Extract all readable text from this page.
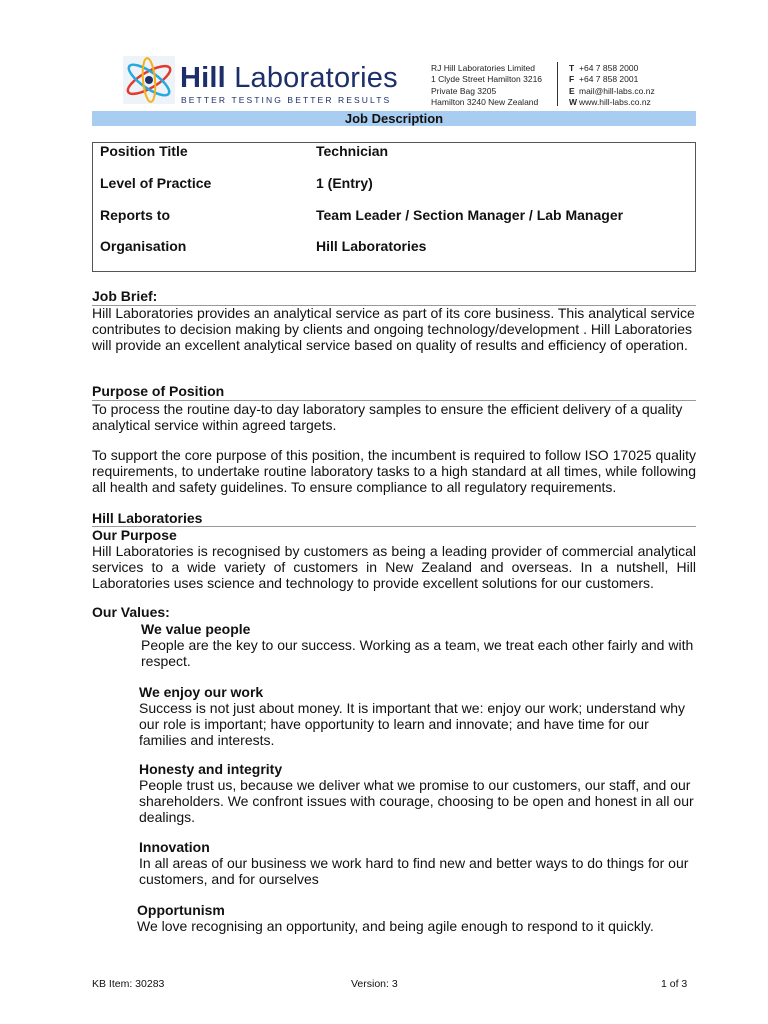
Hill Laboratories
BETTER TESTING BETTER RESULTS
RJ Hill Laboratories Limited
1 Clyde Street Hamilton 3216
Private Bag 3205
Hamilton 3240 New Zealand
T +64 7 858 2000
F +64 7 858 2001
E mail@hill-labs.co.nz
W www.hill-labs.co.nz
Job Description
Position Title	Technician
Level of Practice	1 (Entry)
Reports to	Team Leader / Section Manager / Lab Manager
Organisation	Hill Laboratories
Job Brief:
Hill Laboratories provides an analytical service as part of its core business. This analytical service contributes to decision making by clients and ongoing technology/development . Hill Laboratories will provide an excellent analytical service based on quality of results and efficiency of operation.
Purpose of Position
To process the routine day-to day laboratory samples to ensure the efficient delivery of a quality analytical service within agreed targets.
To support the core purpose of this position, the incumbent is required to follow ISO 17025 quality requirements, to undertake routine laboratory tasks to a high standard at all times, while following all health and safety guidelines. To ensure compliance to all regulatory requirements.
Hill Laboratories
Our Purpose
Hill Laboratories is recognised by customers as being a leading provider of commercial analytical services to a wide variety of customers in New Zealand and overseas. In a nutshell, Hill Laboratories uses science and technology to provide excellent solutions for our customers.
Our Values:
We value people
People are the key to our success. Working as a team, we treat each other fairly and with respect.
We enjoy our work
Success is not just about money. It is important that we: enjoy our work; understand why our role is important; have opportunity to learn and innovate; and have time for our families and interests.
Honesty and integrity
People trust us, because we deliver what we promise to our customers, our staff, and our shareholders. We confront issues with courage, choosing to be open and honest in all our dealings.
Innovation
In all areas of our business we work hard to find new and better ways to do things for our customers, and for ourselves
Opportunism
We love recognising an opportunity, and being agile enough to respond to it quickly.
KB Item: 30283	Version: 3	1 of 3
